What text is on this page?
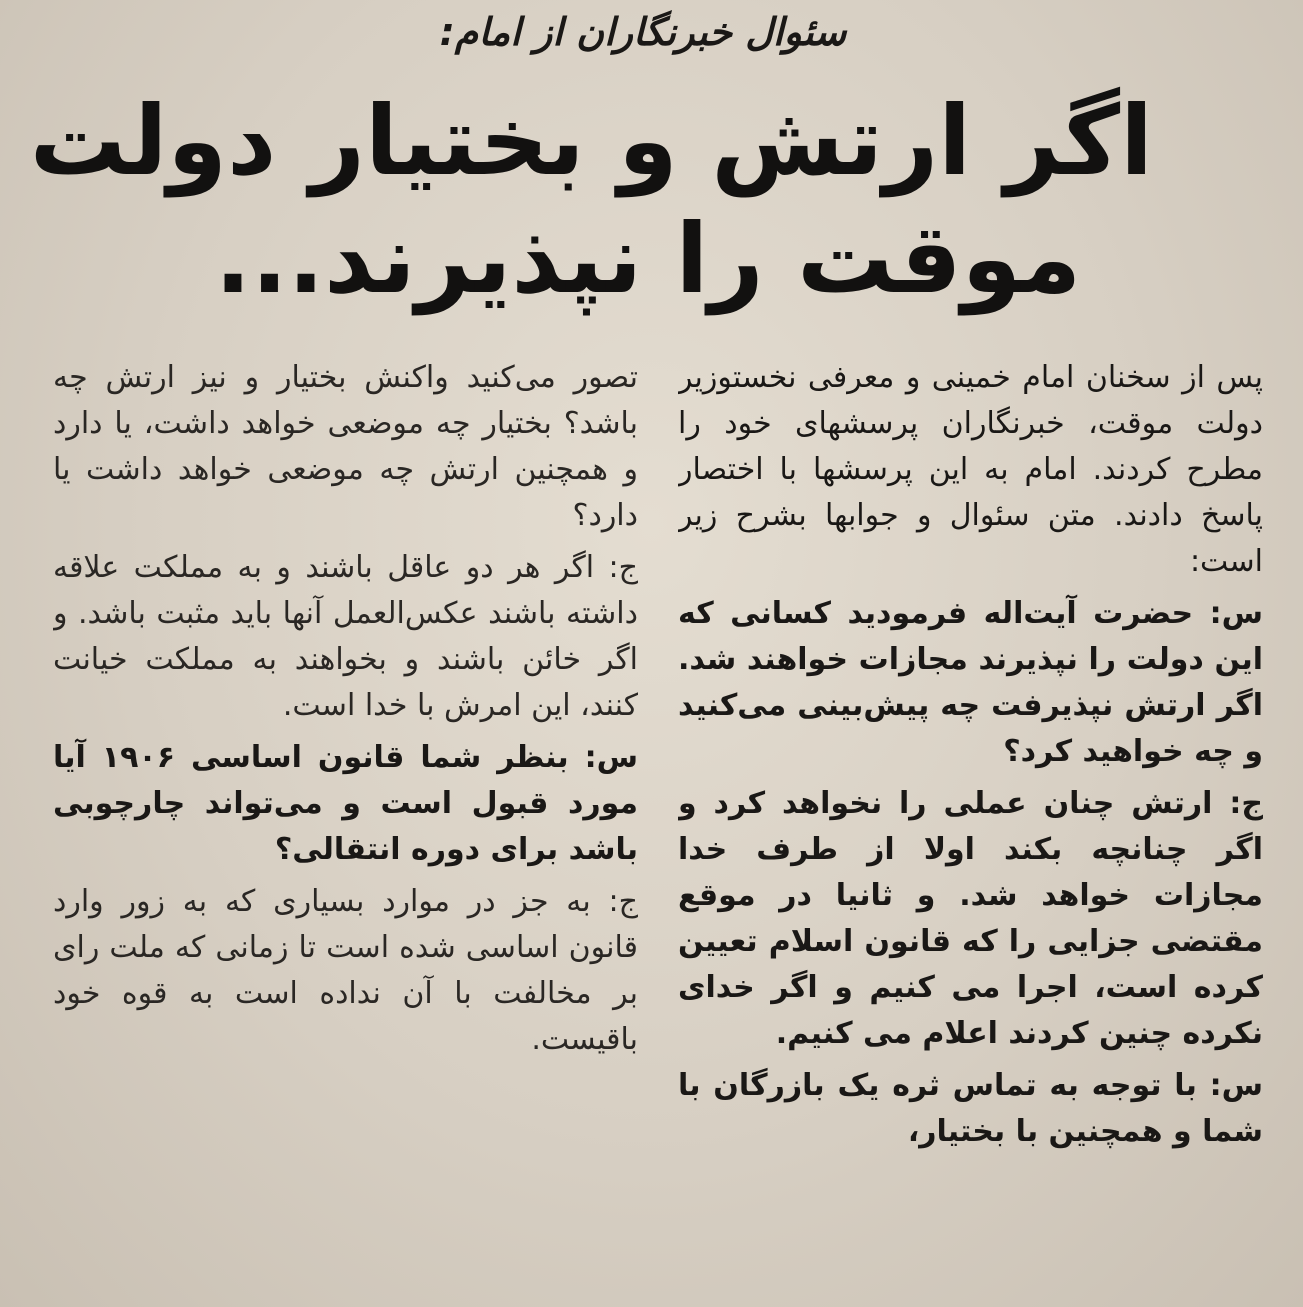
سئوال خبرنگاران از امام:
اگر ارتش و بختیار دولت
موقت را نپذیرند...

پس از سخنان امام خمینی و معرفی نخستوزیر دولت موقت، خبرنگاران پرسشهای خود را مطرح کردند. امام به این پرسشها با اختصار پاسخ دادند. متن سئوال و جوابها بشرح زیر است:

س: حضرت آیت‌اله فرمودید کسانی که این دولت را نپذیرند مجازات خواهند شد. اگر ارتش نپذیرفت چه پیش‌بینی می‌کنید و چه خواهید کرد؟

ج: ارتش چنان عملی را نخواهد کرد و اگر چنانچه بکند اولا از طرف خدا مجازات خواهد شد. و ثانیا در موقع مقتضی جزایی را که قانون اسلام تعیین کرده است، اجرا می کنیم و اگر خدای نکرده چنین کردند اعلام می کنیم.

س: با توجه به تماس ثره یک بازرگان با شما و همچنین با بختیار،

تصور می‌کنید واکنش بختیار و نیز ارتش چه باشد؟ بختیار چه موضعی خواهد داشت، یا دارد و همچنین ارتش چه موضعی خواهد داشت یا دارد؟

ج: اگر هر دو عاقل باشند و به مملکت علاقه داشته باشند عکس‌العمل آنها باید مثبت باشد. و اگر خائن باشند و بخواهند به مملکت خیانت کنند، این امرش با خدا است.

س: بنظر شما قانون اساسی ۱۹۰۶ آیا مورد قبول است و می‌تواند چارچوبی باشد برای دوره انتقالی؟

ج: به جز در موارد بسیاری که به زور وارد قانون اساسی شده است تا زمانی که ملت رای بر مخالفت با آن نداده است به قوه خود باقیست.
